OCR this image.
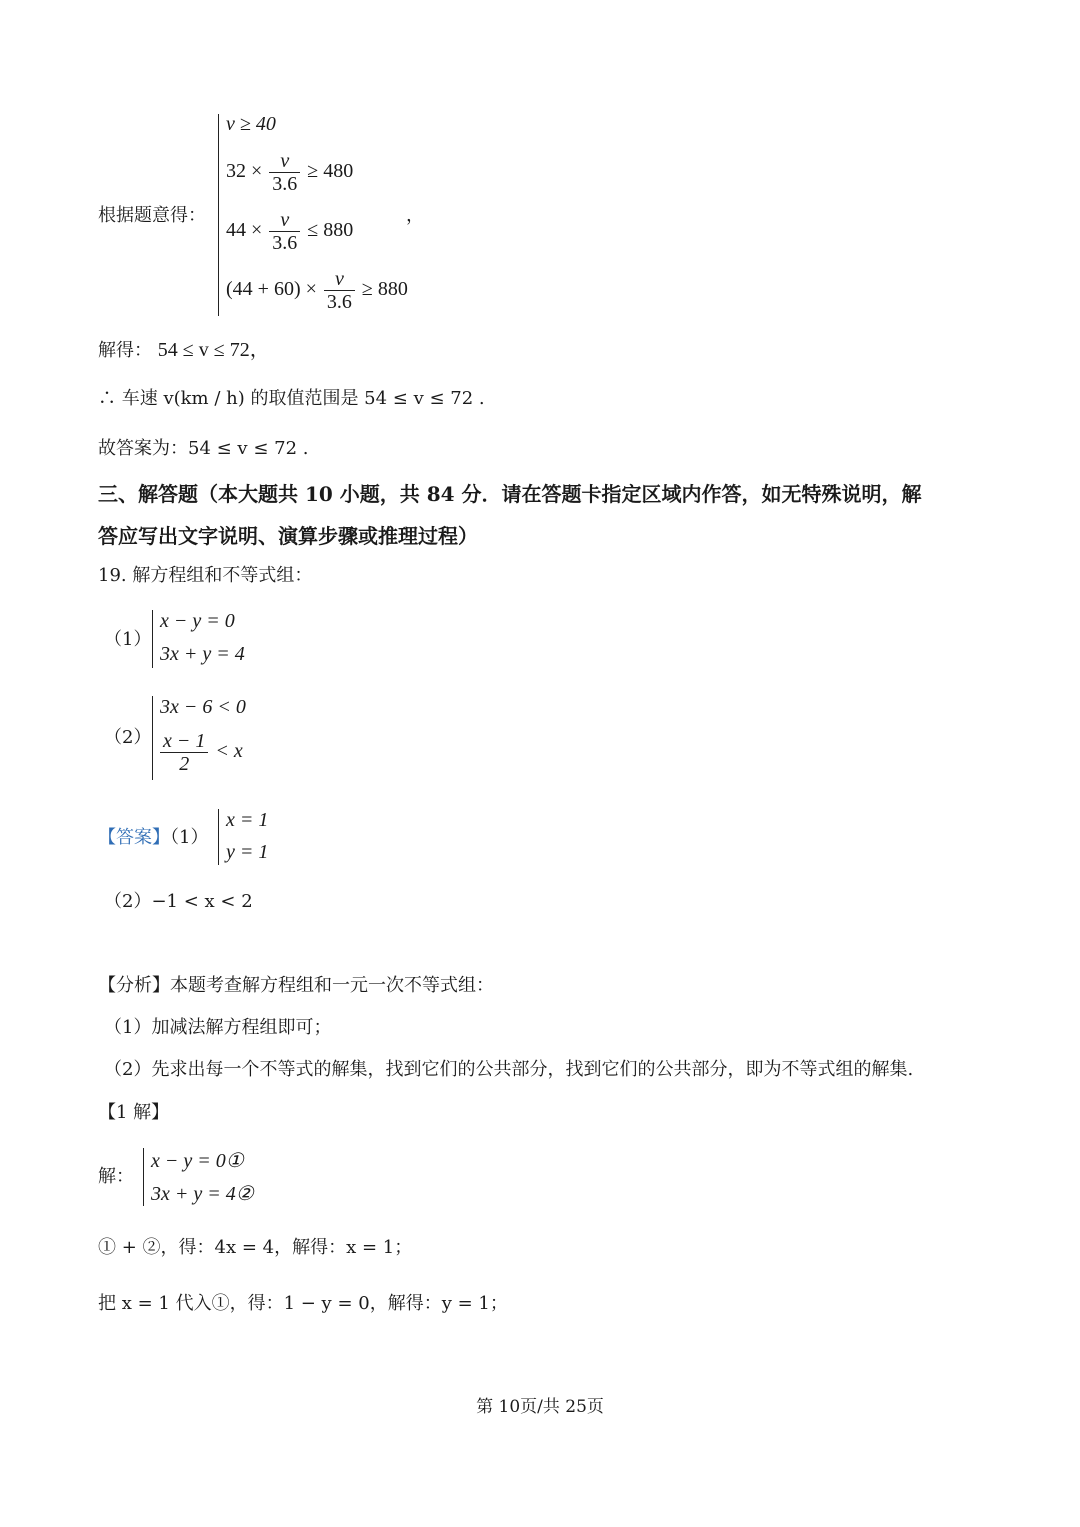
根据题意得：
v ≥ 40
$32 \times \frac{v}{3.6} \ge 480$
$44 \times \frac{v}{3.6} \le 880$
$(44 + 60) \times \frac{v}{3.6} \ge 880$
，
解得： 54 ≤ v ≤ 72，
∴ 车速 v(km / h) 的取值范围是 54 ≤ v ≤ 72 .
故答案为：54 ≤ v ≤ 72 .
三、解答题（本大题共 10 小题，共 84 分．请在答题卡指定区域内作答，如无特殊说明，解
答应写出文字说明、演算步骤或推理过程）
19. 解方程组和不等式组：
（1）
x − y = 0
3x + y = 4
（2）
3x − 6 < 0
$\frac{x - 1}{2} < x$
【答案】（1）
x = 1
y = 1
（2）−1 < x < 2
【分析】本题考查解方程组和一元一次不等式组：
（1）加减法解方程组即可；
（2）先求出每一个不等式的解集，找到它们的公共部分，找到它们的公共部分，即为不等式组的解集.
【1 解】
解：
x − y = 0①
3x + y = 4②
① + ②，得：4x = 4，解得：x = 1；
把 x = 1 代入①，得：1 − y = 0，解得：y = 1；
第 10页/共 25页
